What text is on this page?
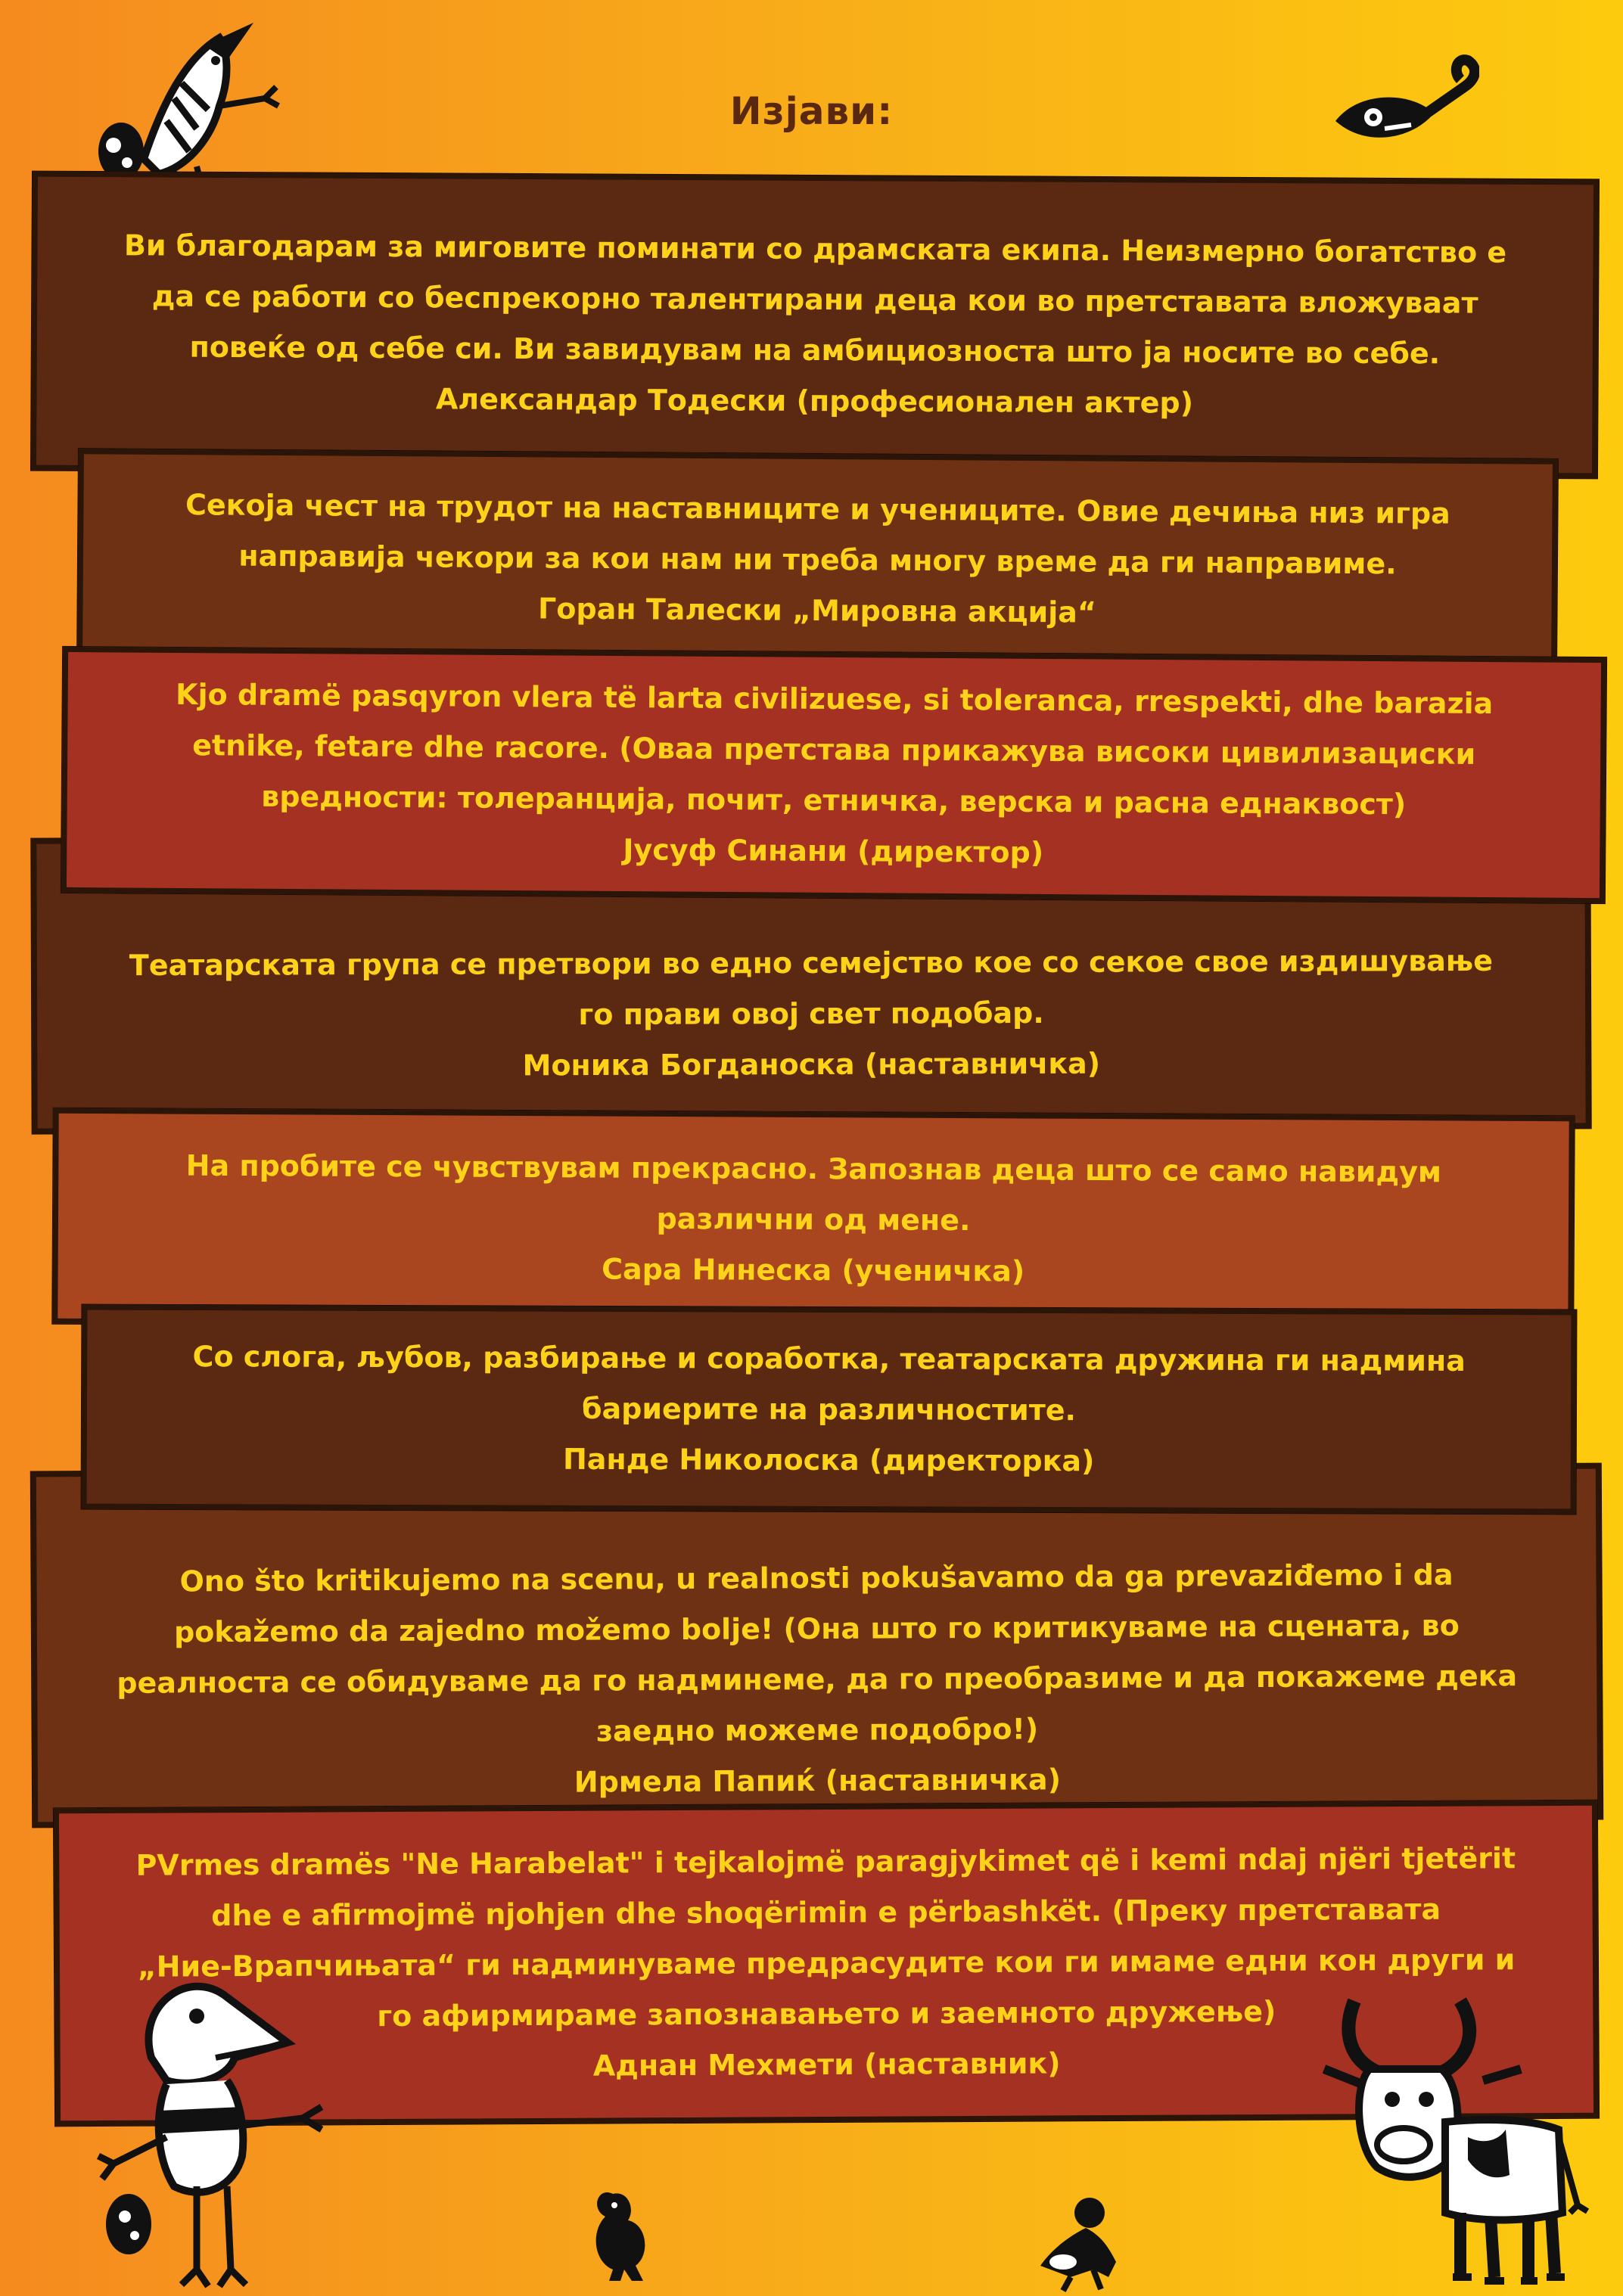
Изјави:
Ви благодарам за миговите поминати со драмската екипа. Неизмерно богатство е
да се работи со беспрекорно талентирани деца кои во претставата вложуваат
повеќе од себе си. Ви завидувам на амбициозноста што ја носите во себе.
Александар Тодески (професионален актер)
Секоја чест на трудот на наставниците и учениците. Овие дечиња низ игра
направија чекори за кои нам ни треба многу време да ги направиме.
Горан Талески „Мировна акција“
Театарската група се претвори во едно семејство кое со секое свое издишување
го прави овој свет подобар.
Моника Богданоска (наставничка)
Kjo dramë pasqyron vlera të larta civilizuese, si toleranca, rrespekti, dhe barazia
etnike, fetare dhe racore. (Оваа претстава прикажува високи цивилизациски
вредности: толеранција, почит, етничка, верска и расна еднаквост)
Јусуф Синани (директор)
На пробите се чувствувам прекрасно. Запознав деца што се само навидум
различни од мене.
Сара Нинеска (ученичка)
Ono što kritikujemo na scenu, u realnosti pokušavamo da ga prevaziđemo i da
pokažemo da zajedno možemo bolje! (Она што го критикуваме на сцената, во
реалноста се обидуваме да го надминеме, да го преобразиме и да покажеме дека
заедно можеме подобро!)
Ирмела Папиќ (наставничка)
Со слога, љубов, разбирање и соработка, театарската дружина ги надмина
бариерите на различностите.
Панде Николоска (директорка)
PVrmes dramës "Ne Harabelat" i tejkalojmë paragjykimet që i kemi ndaj njëri tjetërit
dhe e afirmojmë njohjen dhe shoqërimin e përbashkët. (Преку претставата
„Ние-Врапчињата“ ги надминуваме предрасудите кои ги имаме едни кон други и
го афирмираме запознавањето и заемното дружење)
Аднан Мехмети (наставник)
